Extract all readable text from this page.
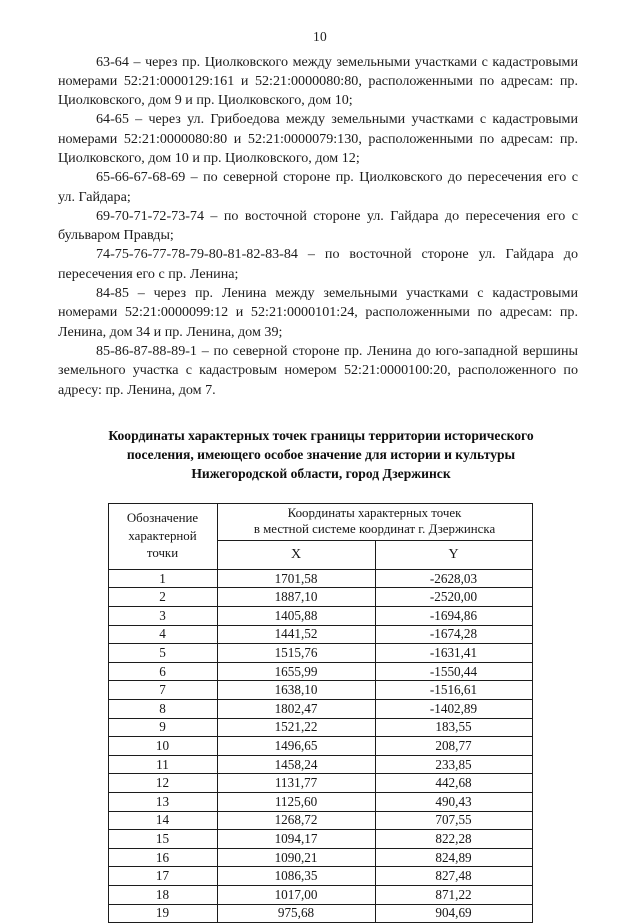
10

63-64 – через пр. Циолковского между земельными участками с кадастровыми номерами 52:21:0000129:161 и 52:21:0000080:80, расположенными по адресам: пр. Циолковского, дом 9 и пр. Циолковского, дом 10;

64-65 – через ул. Грибоедова между земельными участками с кадастровыми номерами 52:21:0000080:80 и 52:21:0000079:130, расположенными по адресам: пр. Циолковского, дом 10 и пр. Циолковского, дом 12;

65-66-67-68-69 – по северной стороне пр. Циолковского до пересечения его с ул. Гайдара;

69-70-71-72-73-74 – по восточной стороне ул. Гайдара до пересечения его с бульваром Правды;

74-75-76-77-78-79-80-81-82-83-84 – по восточной стороне ул. Гайдара до пересечения его с пр. Ленина;

84-85 – через пр. Ленина между земельными участками с кадастровыми номерами 52:21:0000099:12 и 52:21:0000101:24, расположенными по адресам: пр. Ленина, дом 34 и пр. Ленина, дом 39;

85-86-87-88-89-1 – по северной стороне пр. Ленина до юго-западной вершины земельного участка с кадастровым номером 52:21:0000100:20, расположенного по адресу: пр. Ленина, дом 7.

Координаты характерных точек границы территории исторического
поселения, имеющего особое значение для истории и культуры
Нижегородской области, город Дзержинск
Обозначение
характерной
точки	Координаты характерных точек
в местной системе координат г. Дзержинска	
	X	Y
1	1701,58	-2628,03
2	1887,10	-2520,00
3	1405,88	-1694,86
4	1441,52	-1674,28
5	1515,76	-1631,41
6	1655,99	-1550,44
7	1638,10	-1516,61
8	1802,47	-1402,89
9	1521,22	183,55
10	1496,65	208,77
11	1458,24	233,85
12	1131,77	442,68
13	1125,60	490,43
14	1268,72	707,55
15	1094,17	822,28
16	1090,21	824,89
17	1086,35	827,48
18	1017,00	871,22
19	975,68	904,69
